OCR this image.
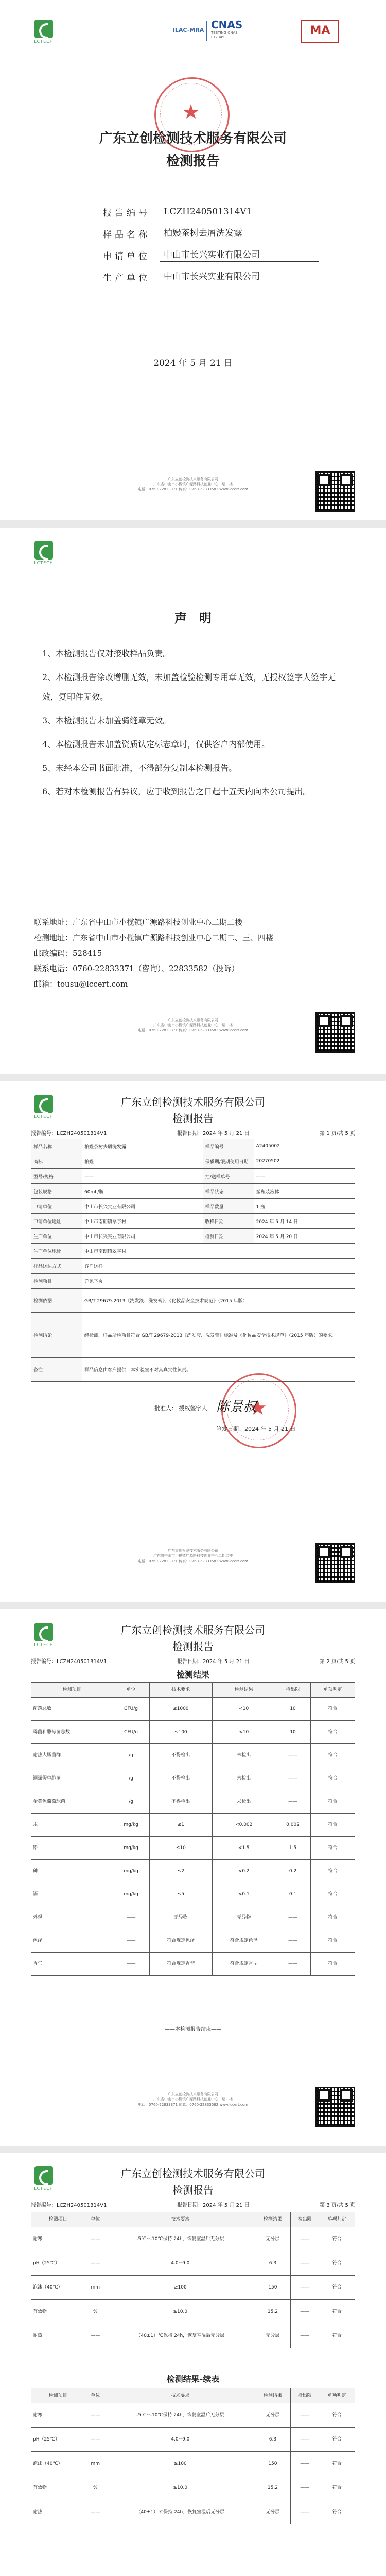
LCTECH
ILAC-MRA CNAS
TESTING CNAS L12345	MA
★
广东立创检测技术服务有限公司
检测报告
报告编号	LCZH240501314V1
样品名称	柏嫚茶树去屑洗发露
申请单位	中山市长兴实业有限公司
生产单位	中山市长兴实业有限公司
2024 年 5 月 21 日
广东立创检测技术服务有限公司
广东省中山市小榄镇广源路科技创业中心二期二楼
电话：0760-22833371 传真：0760-22833582 www.lccert.com
LCTECH
声　明

1、本检测报告仅对接收样品负责。

2、本检测报告涂改增删无效，未加盖检验检测专用章无效，无授权签字人签字无效，复印件无效。

3、本检测报告未加盖骑缝章无效。

4、本检测报告未加盖资质认定标志章时，仅供客户内部使用。

5、未经本公司书面批准，不得部分复制本检测报告。

6、若对本检测报告有异议，应于收到报告之日起十五天内向本公司提出。

联系地址：广东省中山市小榄镇广源路科技创业中心二期二楼

检测地址：广东省中山市小榄镇广源路科技创业中心二期二、三、四楼

邮政编码：528415

联系电话：0760-22833371（咨询）、22833582（投诉）

邮箱：tousu@lccert.com

广东立创检测技术服务有限公司
广东省中山市小榄镇广源路科技创业中心二期二楼
电话：0760-22833371 传真：0760-22833582 www.lccert.com
LCTECH
广东立创检测技术服务有限公司
检测报告
报告编号：LCZH240501314V1	报告日期：2024 年 5 月 21 日	第 1 页/共 5 页
样品名称	柏嫚茶树去屑洗发露	样品编号	A2405002
商标	柏嫚	保质期/限期使用日期	20270502
型号/规格	——	抽/送样单号	——
包装规格	60mL/瓶	样品状态	塑瓶装液体
申请单位	中山市长兴实业有限公司	样品数量	1 瓶
申请单位地址	中山市南朗镇翠亨村	收样日期	2024 年 5 月 14 日
生产单位	中山市长兴实业有限公司	检测日期	2024 年 5 月 20 日
生产单位地址	中山市南朗镇翠亨村		
样品送达方式	客户送样		
检测项目	详见下页		
检测依据	GB/T 29679-2013《洗发液、洗发膏》、《化妆品安全技术规范》（2015 年版）		
检测结论	经检测，样品所检项目符合 GB/T 29679-2013《洗发液、洗发膏》标准及《化妆品安全技术规范》（2015 年版）的要求。		
备注	样品信息由客户提供，本实验室不对其真实性负责。		
★
批准人： 授权签字人 陈景叔
签发日期：2024 年 5 月 21 日
广东立创检测技术服务有限公司
广东省中山市小榄镇广源路科技创业中心二期二楼
电话：0760-22833371 传真：0760-22833582 www.lccert.com
LCTECH
广东立创检测技术服务有限公司
检测报告
报告编号：LCZH240501314V1	报告日期：2024 年 5 月 21 日	第 2 页/共 5 页
检测结果
检测项目	单位	技术要求	检测结果	检出限	单项判定
菌落总数	CFU/g	≤1000	<10	10	符合
霉菌和酵母菌总数	CFU/g	≤100	<10	10	符合
耐热大肠菌群	/g	不得检出	未检出	——	符合
铜绿假单胞菌	/g	不得检出	未检出	——	符合
金黄色葡萄球菌	/g	不得检出	未检出	——	符合
汞	mg/kg	≤1	<0.002	0.002	符合
铅	mg/kg	≤10	<1.5	1.5	符合
砷	mg/kg	≤2	<0.2	0.2	符合
镉	mg/kg	≤5	<0.1	0.1	符合
外观	——	无异物	无异物	——	符合
色泽	——	符合规定色泽	符合规定色泽	——	符合
香气	——	符合规定香型	符合规定香型	——	符合
——本检测报告结束——
广东立创检测技术服务有限公司
广东省中山市小榄镇广源路科技创业中心二期二楼
电话：0760-22833371 传真：0760-22833582 www.lccert.com
LCTECH
广东立创检测技术服务有限公司
检测报告
报告编号：LCZH240501314V1	报告日期：2024 年 5 月 21 日	第 3 页/共 5 页
检测项目	单位	技术要求	检测结果	检出限	单项判定
耐寒	——	-5℃~-10℃保持 24h，恢复室温后无分层	无分层	——	符合
pH（25℃）	——	4.0~9.0	6.3	——	符合
泡沫（40℃）	mm	≥100	150	——	符合
有效物	%	≥10.0	15.2	——	符合
耐热	——	（40±1）℃保持 24h，恢复室温后无分层	无分层	——	符合
检测结果-续表
检测项目	单位	技术要求	检测结果	检出限	单项判定
耐寒	——	-5℃~-10℃保持 24h，恢复室温后无分层	无分层	——	符合
pH（25℃）	——	4.0~9.0	6.3	——	符合
泡沫（40℃）	mm	≥100	150	——	符合
有效物	%	≥10.0	15.2	——	符合
耐热	——	（40±1）℃保持 24h，恢复室温后无分层	无分层	——	符合
